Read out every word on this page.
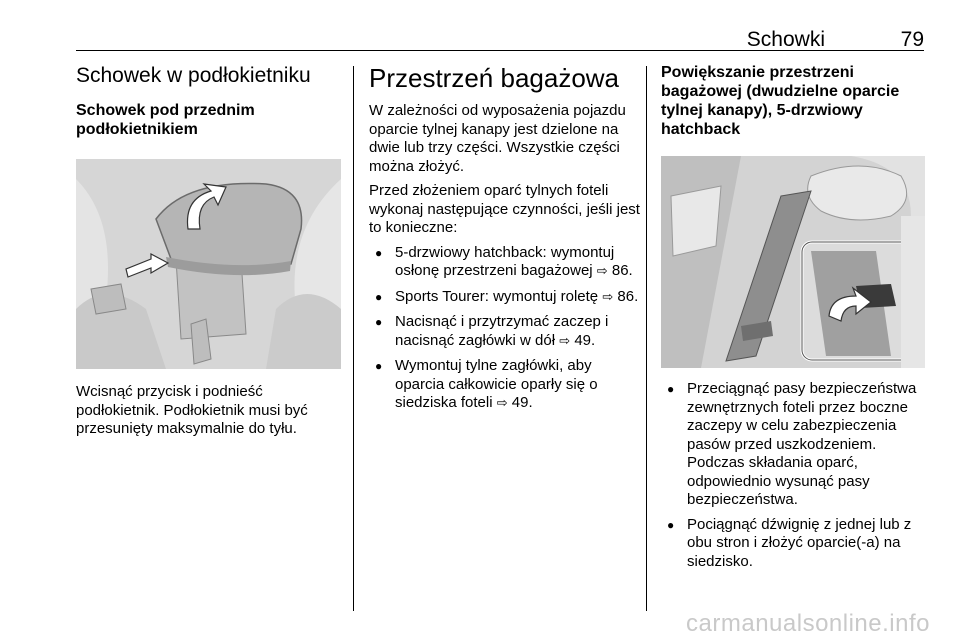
Schowki	79
Schowek w podłokietniku
Schowek pod przednim podłokietnikiem

Wcisnąć przycisk i podnieść podłokietnik. Podłokietnik musi być przesunięty maksymalnie do tyłu.

Przestrzeń bagażowa

W zależności od wyposażenia pojazdu oparcie tylnej kanapy jest dzielone na dwie lub trzy części. Wszystkie części można złożyć.

Przed złożeniem oparć tylnych foteli wykonaj następujące czynności, jeśli jest to konieczne:

● 5-drzwiowy hatchback: wymontuj osłonę przestrzeni bagażowej ⇨ 86.
● Sports Tourer: wymontuj roletę ⇨ 86.
● Nacisnąć i przytrzymać zaczep i nacisnąć zagłówki w dół ⇨ 49.
● Wymontuj tylne zagłówki, aby oparcia całkowicie oparły się o siedziska foteli ⇨ 49.
Powiększanie przestrzeni bagażowej (dwudzielne oparcie tylnej kanapy), 5-drzwiowy hatchback
● Przeciągnąć pasy bezpieczeństwa zewnętrznych foteli przez boczne zaczepy w celu zabezpieczenia pasów przed uszkodzeniem. Podczas składania oparć, odpowiednio wysunąć pasy bezpieczeństwa.
● Pociągnąć dźwignię z jednej lub z obu stron i złożyć oparcie(-a) na siedzisko.
carmanualsonline.info
